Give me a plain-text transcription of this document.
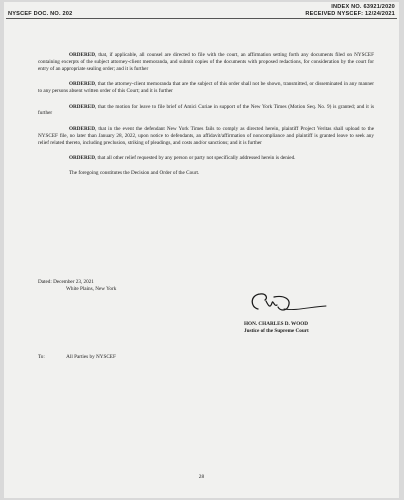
NYSCEF DOC. NO. 202
INDEX NO. 63921/2020
RECEIVED NYSCEF: 12/24/2021

ORDERED, that, if applicable, all counsel are directed to file with the court, an affirmation setting forth any documents filed on NYSCEF containing excerpts of the subject attorney-client memoranda, and submit copies of the documents with proposed redactions, for consideration by the court for entry of an appropriate sealing order; and it is further

ORDERED, that the attorney-client memoranda that are the subject of this order shall not be shown, transmitted, or disseminated in any manner to any persons absent written order of this Court; and it is further

ORDERED, that the motion for leave to file brief of Amici Curiae in support of the New York Times (Motion Seq. No. 9) is granted; and it is further

ORDERED, that in the event the defendant New York Times fails to comply as directed herein, plaintiff Project Veritas shall upload to the NYSCEF file, no later than January 28, 2022, upon notice to defendants, an affidavit/affirmation of noncompliance and plaintiff is granted leave to seek any relief related thereto, including preclusion, striking of pleadings, and costs and/or sanctions; and it is further

ORDERED, that all other relief requested by any person or party not specifically addressed herein is denied.

The foregoing constitutes the Decision and Order of the Court.

Dated: December 23, 2021
White Plains, New York
HON. CHARLES D. WOOD
Justice of the Supreme Court
To:	All Parties by NYSCEF
28
